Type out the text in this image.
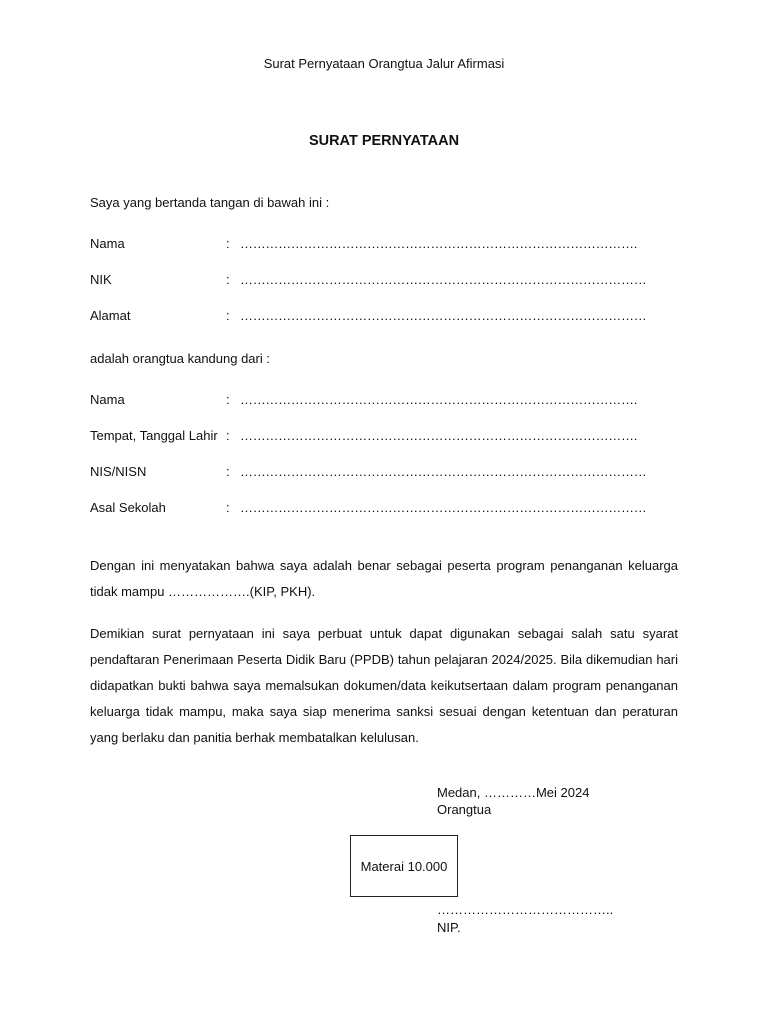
Surat Pernyataan Orangtua Jalur Afirmasi
SURAT PERNYATAAN
Saya yang bertanda tangan di bawah ini :
Nama	: ………………………………………………………………………………….
NIK	: ……………………………………………………………………………………
Alamat	: ……………………………………………………………………………………
adalah orangtua kandung dari :
Nama	: ………………………………………………………………………………….
Tempat, Tanggal Lahir : ………………………………………………………………………………….
NIS/NISN	: ……………………………………………………………………………………
Asal Sekolah	: ……………………………………………………………………………………
Dengan ini menyatakan bahwa saya adalah benar sebagai peserta program penanganan keluarga tidak mampu ……………….(KIP, PKH).
Demikian surat pernyataan ini saya perbuat untuk dapat digunakan sebagai salah satu syarat pendaftaran Penerimaan Peserta Didik Baru (PPDB) tahun pelajaran 2024/2025. Bila dikemudian hari didapatkan bukti bahwa saya memalsukan dokumen/data keikutsertaan dalam program penanganan keluarga tidak mampu, maka saya siap menerima sanksi sesuai dengan ketentuan dan peraturan yang berlaku dan panitia berhak membatalkan kelulusan.
Medan, …………Mei 2024
Orangtua
Materai 10.000
…………………………………..
NIP.
